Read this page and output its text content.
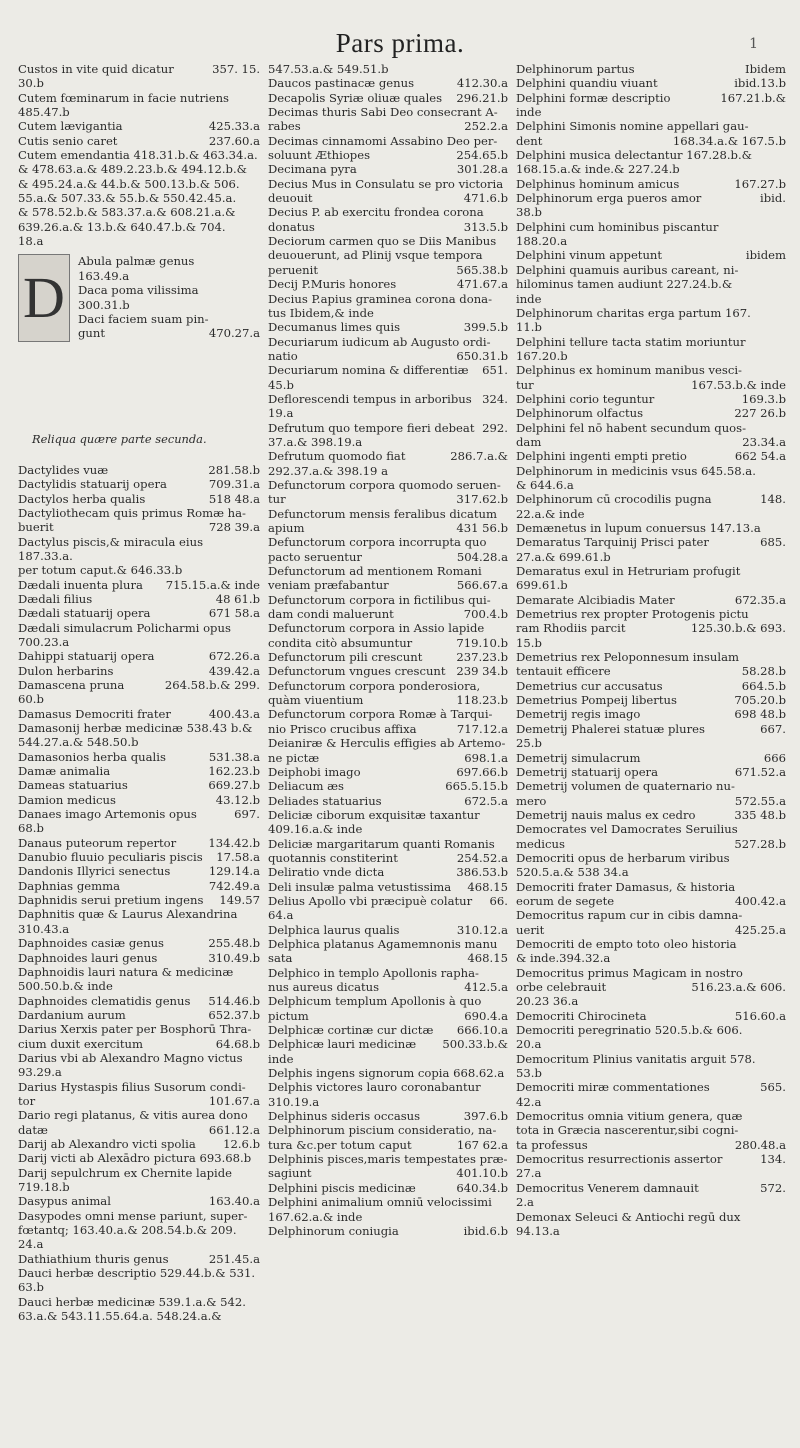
Pars prima.	1
357. 15.
Custos in vite quid dicatur
30.b
Cutem fœminarum in facie nutriens
485.47.b
425.33.a
Cutem lævigantia
237.60.a
Cutis senio caret
Cutem emendantia 418.31.b.& 463.34.a.
& 478.63.a.& 489.2.23.b.& 494.12.b.&
& 495.24.a.& 44.b.& 500.13.b.& 506.
55.a.& 507.33.& 55.b.& 550.42.45.a.
& 578.52.b.& 583.37.a.& 608.21.a.&
639.26.a.& 13.b.& 640.47.b.& 704.
18.a
D
Abula palmæ genus
163.49.a
Daca poma vilissima
300.31.b
Daci faciem suam pin-
470.27.a
gunt
Reliqua quære parte secunda.
281.58.b
Dactylides vuæ
709.31.a
Dactylidis statuarij opera
518 48.a
Dactylos herba qualis
Dactyliothecam quis primus Romæ ha-
728 39.a
buerit
Dactylus piscis,& miracula eius 187.33.a.
per totum caput.& 646.33.b
715.15.a.& inde
Dædali inuenta plura
48 61.b
Dædali filius
671 58.a
Dædali statuarij opera
Dædali simulacrum Policharmi opus
700.23.a
672.26.a
Dahippi statuarij opera
439.42.a
Dulon herbarins
264.58.b.& 299.
Damascena pruna
60.b
400.43.a
Damasus Democriti frater
Damasonij herbæ medicinæ 538.43 b.&
544.27.a.& 548.50.b
531.38.a
Damasonios herba qualis
162.23.b
Damæ animalia
669.27.b
Dameas statuarius
43.12.b
Damion medicus
697.
Danaes imago Artemonis opus
68.b
134.42.b
Danaus puteorum repertor
17.58.a
Danubio fluuio peculiaris piscis
129.14.a
Dandonis Illyrici senectus
742.49.a
Daphnias gemma
149.57
Daphnidis serui pretium ingens
Daphnitis quæ & Laurus Alexandrina
310.43.a
255.48.b
Daphnoides casiæ genus
310.49.b
Daphnoides lauri genus
Daphnoidis lauri natura & medicinæ
500.50.b.& inde
514.46.b
Daphnoides clematidis genus
652.37.b
Dardanium aurum
Darius Xerxis pater per Bosphorū Thra-
64.68.b
cium duxit exercitum
Darius vbi ab Alexandro Magno victus
93.29.a
Darius Hystaspis filius Susorum condi-
101.67.a
tor
Dario regi platanus, & vitis aurea dono
661.12.a
datæ
12.6.b
Darij ab Alexandro victi spolia
Darij victi ab Alexādro pictura 693.68.b
Darij sepulchrum ex Chernite lapide
719.18.b
163.40.a
Dasypus animal
Dasypodes omni mense pariunt, super-
fœtantq; 163.40.a.& 208.54.b.& 209.
24.a
251.45.a
Dathiathium thuris genus
Dauci herbæ descriptio 529.44.b.& 531.
63.b
Dauci herbæ medicinæ 539.1.a.& 542.
63.a.& 543.11.55.64.a. 548.24.a.&
547.53.a.& 549.51.b
412.30.a
Daucos pastinacæ genus
296.21.b
Decapolis Syriæ oliuæ quales
Decimas thuris Sabi Deo consecrant A-
252.2.a
rabes
Decimas cinnamomi Assabino Deo per-
254.65.b
soluunt Æthiopes
301.28.a
Decimana pyra
Decius Mus in Consulatu se pro victoria
471.6.b
deuouit
Decius P. ab exercitu frondea corona
313.5.b
donatus
Deciorum carmen quo se Diis Manibus
deuouerunt, ad Plinij vsque tempora
565.38.b
peruenit
471.67.a
Decij P.Muris honores
Decius P.apius graminea corona dona-
tus Ibidem,& inde
399.5.b
Decumanus limes quis
Decuriarum iudicum ab Augusto ordi-
650.31.b
natio
651.
Decuriarum nomina & differentiæ
45.b
324.
Deflorescendi tempus in arboribus
19.a
292.
Defrutum quo tempore fieri debeat
37.a.& 398.19.a
286.7.a.&
Defrutum quomodo fiat
292.37.a.& 398.19 a
Defunctorum corpora quomodo seruen-
317.62.b
tur
Defunctorum mensis feralibus dicatum
431 56.b
apium
Defunctorum corpora incorrupta quo
504.28.a
pacto seruentur
Defunctorum ad mentionem Romani
566.67.a
veniam præfabantur
Defunctorum corpora in fictilibus qui-
700.4.b
dam condi maluerunt
Defunctorum corpora in Assio lapide
719.10.b
condita citò absumuntur
237.23.b
Defunctorum pili crescunt
239 34.b
Defunctorum vngues crescunt
Defunctorum corpora ponderosiora,
118.23.b
quàm viuentium
Defunctorum corpora Romæ à Tarqui-
717.12.a
nio Prisco crucibus affixa
Deianiræ & Herculis effigies ab Artemo-
698.1.a
ne pictæ
697.66.b
Deiphobi imago
665.5.15.b
Deliacum æs
672.5.a
Deliades statuarius
Deliciæ ciborum exquisitæ taxantur
409.16.a.& inde
Deliciæ margaritarum quanti Romanis
254.52.a
quotannis constiterint
386.53.b
Deliratio vnde dicta
468.15
Deli insulæ palma vetustissima
66.
Delius Apollo vbi præcipuè colatur
64.a
310.12.a
Delphica laurus qualis
Delphica platanus Agamemnonis manu
468.15
sata
Delphico in templo Apollonis rapha-
412.5.a
nus aureus dicatus
Delphicum templum Apollonis à quo
690.4.a
pictum
666.10.a
Delphicæ cortinæ cur dictæ
500.33.b.&
Delphicæ lauri medicinæ
inde
Delphis ingens signorum copia 668.62.a
Delphis victores lauro coronabantur
310.19.a
397.6.b
Delphinus sideris occasus
Delphinorum piscium consideratio, na-
167 62.a
tura &c.per totum caput
Delphinis pisces,maris tempestates præ-
401.10.b
sagiunt
640.34.b
Delphini piscis medicinæ
Delphini animalium omniū velocissimi
167.62.a.& inde
ibid.6.b
Delphinorum coniugia
Ibidem
Delphinorum partus
ibid.13.b
Delphini quandiu viuant
167.21.b.&
Delphini formæ descriptio
inde
Delphini Simonis nomine appellari gau-
168.34.a.& 167.5.b
dent
Delphini musica delectantur 167.28.b.&
168.15.a.& inde.& 227.24.b
167.27.b
Delphinus hominum amicus
ibid.
Delphinorum erga pueros amor
38.b
Delphini cum hominibus piscantur
188.20.a
ibidem
Delphini vinum appetunt
Delphini quamuis auribus careant, ni-
hilominus tamen audiunt 227.24.b.&
inde
Delphinorum charitas erga partum 167.
11.b
Delphini tellure tacta statim moriuntur
167.20.b
Delphinus ex hominum manibus vesci-
167.53.b.& inde
tur
169.3.b
Delphini corio teguntur
227 26.b
Delphinorum olfactus
Delphini fel nō habent secundum quos-
23.34.a
dam
662 54.a
Delphini ingenti empti pretio
Delphinorum in medicinis vsus 645.58.a.
& 644.6.a
148.
Delphinorum cū crocodilis pugna
22.a.& inde
Demænetus in lupum conuersus 147.13.a
685.
Demaratus Tarquinij Prisci pater
27.a.& 699.61.b
Demaratus exul in Hetruriam profugit
699.61.b
672.35.a
Demarate Alcibiadis Mater
Demetrius rex propter Protogenis pictu
125.30.b.& 693.
ram Rhodiis parcit
15.b
Demetrius rex Peloponnesum insulam
58.28.b
tentauit efficere
664.5.b
Demetrius cur accusatus
705.20.b
Demetrius Pompeij libertus
698 48.b
Demetrij regis imago
667.
Demetrij Phalerei statuæ plures
25.b
666
Demetrij simulacrum
671.52.a
Demetrij statuarij opera
Demetrij volumen de quaternario nu-
572.55.a
mero
335 48.b
Demetrij nauis malus ex cedro
Democrates vel Damocrates Seruilius
527.28.b
medicus
Democriti opus de herbarum viribus
520.5.a.& 538 34.a
Democriti frater Damasus, & historia
400.42.a
eorum de segete
Democritus rapum cur in cibis damna-
425.25.a
uerit
Democriti de empto toto oleo historia
& inde.394.32.a
Democritus primus Magicam in nostro
516.23.a.& 606.
orbe celebrauit
20.23 36.a
516.60.a
Democriti Chirocineta
Democriti peregrinatio 520.5.b.& 606.
20.a
Democritum Plinius vanitatis arguit 578.
53.b
565.
Democriti miræ commentationes
42.a
Democritus omnia vitium genera, quæ
tota in Græcia nascerentur,sibi cogni-
280.48.a
ta professus
134.
Democritus resurrectionis assertor
27.a
572.
Democritus Venerem damnauit
2.a
Demonax Seleuci & Antiochi regū dux
94.13.a
